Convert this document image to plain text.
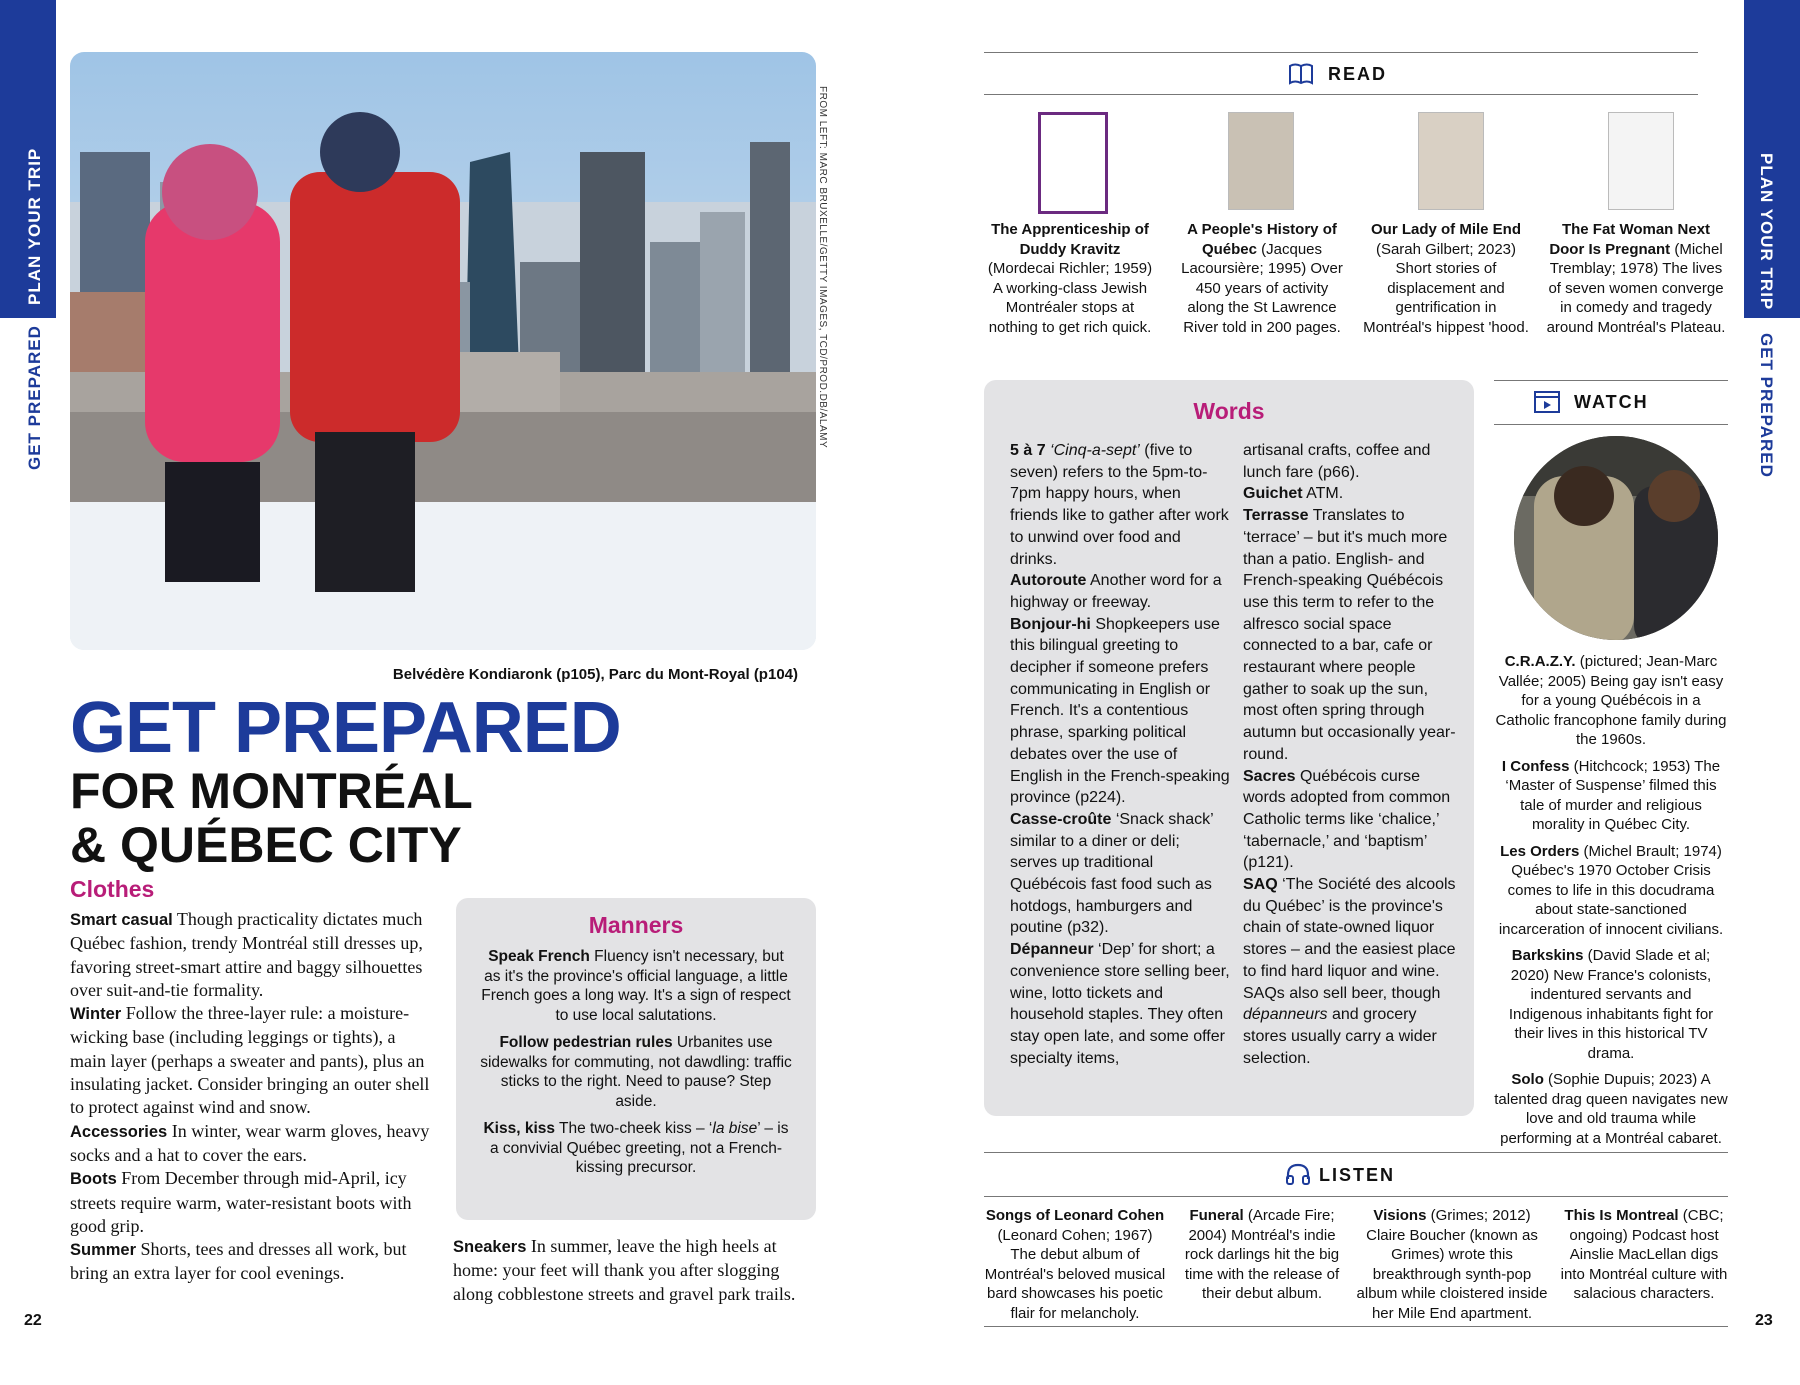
PLAN YOUR TRIP
GET PREPARED
PLAN YOUR TRIP
GET PREPARED
22	23
FROM LEFT: MARC BRUXELLE/GETTY IMAGES, TCD/PROD.DB/ALAMY
Belvédère Kondiaronk (p105), Parc du Mont-Royal (p104)
GET PREPARED
FOR MONTRÉAL
& QUÉBEC CITY
Clothes

Smart casual Though practicality dictates much Québec fashion, trendy Montréal still dresses up, favoring street-smart attire and baggy silhouettes over suit-and-tie formality.

Winter Follow the three-layer rule: a moisture-wicking base (including leggings or tights), a main layer (perhaps a sweater and pants), plus an insulating jacket. Consider bringing an outer shell to protect against wind and snow.

Accessories In winter, wear warm gloves, heavy socks and a hat to cover the ears.

Boots From December through mid-April, icy streets require warm, water-resistant boots with good grip.

Summer Shorts, tees and dresses all work, but bring an extra layer for cool evenings.

Sneakers In summer, leave the high heels at home: your feet will thank you after slogging along cobblestone streets and gravel park trails.
Manners

Speak French Fluency isn't necessary, but as it's the province's official language, a little French goes a long way. It's a sign of respect to use local salutations.

Follow pedestrian rules Urbanites use sidewalks for commuting, not dawdling: traffic sticks to the right. Need to pause? Step aside.

Kiss, kiss The two-cheek kiss – ‘la bise’ – is a convivial Québec greeting, not a French-kissing precursor.

READ
The Apprenticeship of Duddy Kravitz (Mordecai Richler; 1959) A working-class Jewish Montréaler stops at nothing to get rich quick.
A People's History of Québec (Jacques Lacoursière; 1995) Over 450 years of activity along the St Lawrence River told in 200 pages.
Our Lady of Mile End (Sarah Gilbert; 2023) Short stories of displacement and gentrification in Montréal's hippest 'hood.
The Fat Woman Next Door Is Pregnant (Michel Tremblay; 1978) The lives of seven women converge in comedy and tragedy around Montréal's Plateau.
Words

5 à 7 ‘Cinq-a-sept’ (five to seven) refers to the 5pm-to-7pm happy hours, when friends like to gather after work to unwind over food and drinks.

Autoroute Another word for a highway or freeway.

Bonjour-hi Shopkeepers use this bilingual greeting to decipher if someone prefers communicating in English or French. It's a contentious phrase, sparking political debates over the use of English in the French-speaking province (p224).

Casse-croûte ‘Snack shack’ similar to a diner or deli; serves up traditional Québécois fast food such as hotdogs, hamburgers and poutine (p32).

Dépanneur ‘Dep’ for short; a convenience store selling beer, wine, lotto tickets and household staples. They often stay open late, and some offer specialty items,

artisanal crafts, coffee and lunch fare (p66).

Guichet ATM.

Terrasse Translates to ‘terrace’ – but it's much more than a patio. English- and French-speaking Québécois use this term to refer to the alfresco social space connected to a bar, cafe or restaurant where people gather to soak up the sun, most often spring through autumn but occasionally year-round.

Sacres Québécois curse words adopted from common Catholic terms like ‘chalice,’ ‘tabernacle,’ and ‘baptism’ (p121).

SAQ ‘The Société des alcools du Québec’ is the province's chain of state-owned liquor stores – and the easiest place to find hard liquor and wine. SAQs also sell beer, though dépanneurs and grocery stores usually carry a wider selection.

WATCH

C.R.A.Z.Y. (pictured; Jean-Marc Vallée; 2005) Being gay isn't easy for a young Québécois in a Catholic francophone family during the 1960s.

I Confess (Hitchcock; 1953) The ‘Master of Suspense’ filmed this tale of murder and religious morality in Québec City.

Les Orders (Michel Brault; 1974) Québec's 1970 October Crisis comes to life in this docudrama about state-sanctioned incarceration of innocent civilians.

Barkskins (David Slade et al; 2020) New France's colonists, indentured servants and Indigenous inhabitants fight for their lives in this historical TV drama.

Solo (Sophie Dupuis; 2023) A talented drag queen navigates new love and old trauma while performing at a Montréal cabaret.

LISTEN
Songs of Leonard Cohen (Leonard Cohen; 1967) The debut album of Montréal's beloved musical bard showcases his poetic flair for melancholy.
Funeral (Arcade Fire; 2004) Montréal's indie rock darlings hit the big time with the release of their debut album.
Visions (Grimes; 2012) Claire Boucher (known as Grimes) wrote this breakthrough synth-pop album while cloistered inside her Mile End apartment.
This Is Montreal (CBC; ongoing) Podcast host Ainslie MacLellan digs into Montréal culture with salacious characters.
